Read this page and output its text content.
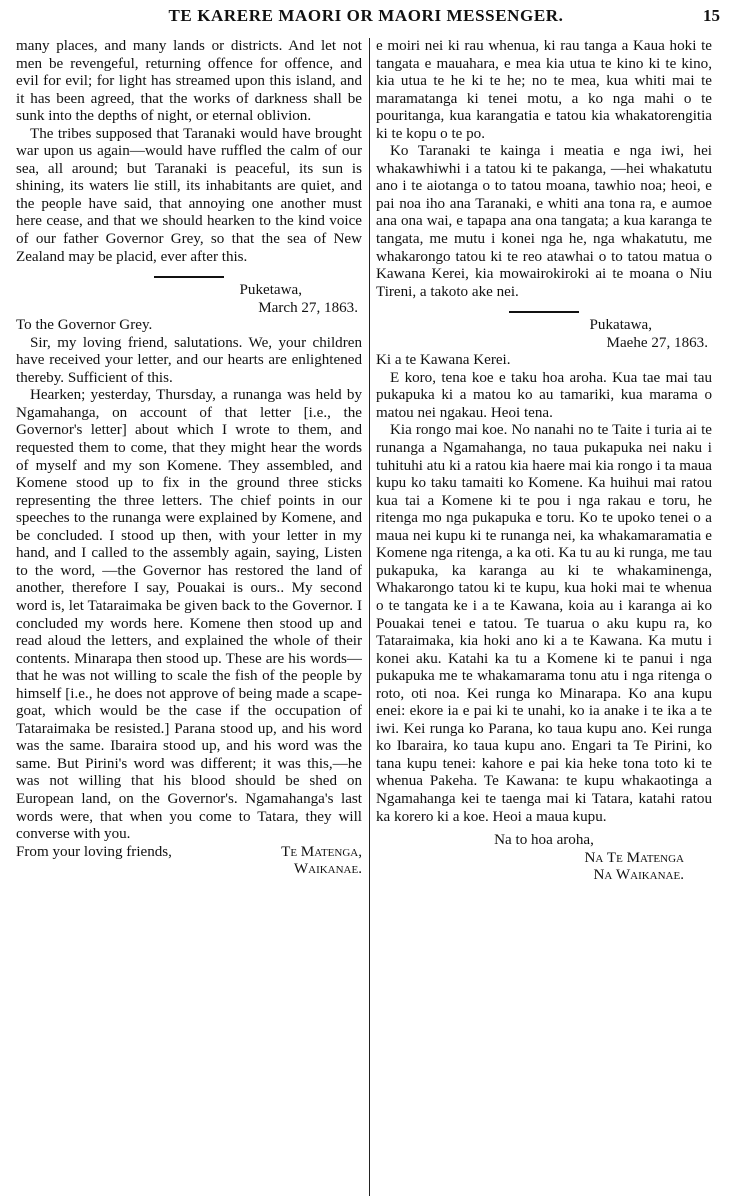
TE KARERE MAORI OR MAORI MESSENGER.	15

many places, and many lands or districts. And let not men be revengeful, returning offence for offence, and evil for evil; for light has streamed upon this island, and it has been agreed, that the works of darkness shall be sunk into the depths of night, or eternal oblivion.

The tribes supposed that Taranaki would have brought war upon us again—would have ruffled the calm of our sea, all around; but Taranaki is peaceful, its sun is shining, its waters lie still, its inhabitants are quiet, and the people have said, that annoying one another must here cease, and that we should hearken to the kind voice of our father Governor Grey, so that the sea of New Zealand may be placid, ever after this.

Puketawa,
March 27, 1863.

To the Governor Grey.

Sir, my loving friend, salutations. We, your children have received your letter, and our hearts are enlightened thereby. Sufficient of this.

Hearken; yesterday, Thursday, a runanga was held by Ngamahanga, on account of that letter [i.e., the Governor's letter] about which I wrote to them, and requested them to come, that they might hear the words of myself and my son Komene. They assembled, and Komene stood up to fix in the ground three sticks representing the three letters. The chief points in our speeches to the runanga were explained by Komene, and be concluded. I stood up then, with your letter in my hand, and I called to the assembly again, saying, Listen to the word, —the Governor has restored the land of another, therefore I say, Pouakai is ours.. My second word is, let Tataraimaka be given back to the Governor. I concluded my words here. Komene then stood up and read aloud the letters, and explained the whole of their contents. Minarapa then stood up. These are his words—that he was not willing to scale the fish of the people by himself [i.e., he does not approve of being made a scape-goat, which would be the case if the occupation of Tataraimaka be resisted.] Parana stood up, and his word was the same. Ibaraira stood up, and his word was the same. But Pirini's word was different; it was this,—he was not willing that his blood should be shed on European land, on the Governor's. Ngamahanga's last words were, that when you come to Tatara, they will converse with you.

From your loving friends,	Te Matenga,
Waikanae.

e moiri nei ki rau whenua, ki rau tanga a Kaua hoki te tangata e mauahara, e mea kia utua te kino ki te kino, kia utua te he ki te he; no te mea, kua whiti mai te maramatanga ki tenei motu, a ko nga mahi o te pouritanga, kua karangatia e tatou kia whakatorengitia ki te kopu o te po.

Ko Taranaki te kainga i meatia e nga iwi, hei whakawhiwhi i a tatou ki te pakanga, —hei whakatutu ano i te aiotanga o to tatou moana, tawhio noa; heoi, e pai noa iho ana Taranaki, e whiti ana tona ra, e aumoe ana ona wai, e tapapa ana ona tangata; a kua karanga te tangata, me mutu i konei nga he, nga whakatutu, me whakarongo tatou ki te reo atawhai o to tatou matua o Kawana Kerei, kia mowairokiroki ai te moana o Niu Tireni, a takoto ake nei.

Pukatawa,
Maehe 27, 1863.

Ki a te Kawana Kerei.

E koro, tena koe e taku hoa aroha. Kua tae mai tau pukapuka ki a matou ko au tamariki, kua marama o matou nei ngakau. Heoi tena.

Kia rongo mai koe. No nanahi no te Taite i turia ai te runanga a Ngamahanga, no taua pukapuka nei naku i tuhituhi atu ki a ratou kia haere mai kia rongo i ta maua kupu ko taku tamaiti ko Komene. Ka huihui mai ratou kua tai a Komene ki te pou i nga rakau e toru, he ritenga mo nga pukapuka e toru. Ko te upoko tenei o a maua nei kupu ki te runanga nei, ka whakamaramatia e Komene nga ritenga, a ka oti. Ka tu au ki runga, me tau pukapuka, ka karanga au ki te whakaminenga, Whakarongo tatou ki te kupu, kua hoki mai te whenua o te tangata ke i a te Kawana, koia au i karanga ai ko Pouakai tenei e tatou. Te tuarua o aku kupu ra, ko Tataraimaka, kia hoki ano ki a te Kawana. Ka mutu i konei aku. Katahi ka tu a Komene ki te panui i nga pukapuka me te whakamarama tonu atu i nga ritenga o roto, oti noa. Kei runga ko Minarapa. Ko ana kupu enei: ekore ia e pai ki te unahi, ko ia anake i te ika a te iwi. Kei runga ko Parana, ko taua kupu ano. Kei runga ko Ibaraira, ko taua kupu ano. Engari ta Te Pirini, ko tana kupu tenei: kahore e pai kia heke tona toto ki te whenua Pakeha. Te Kawana: te kupu whakaotinga a Ngamahanga kei te taenga mai ki Tatara, katahi ratou ka korero ki a koe. Heoi a maua kupu.

Na to hoa aroha,
Na Te Matenga
Na Waikanae.
